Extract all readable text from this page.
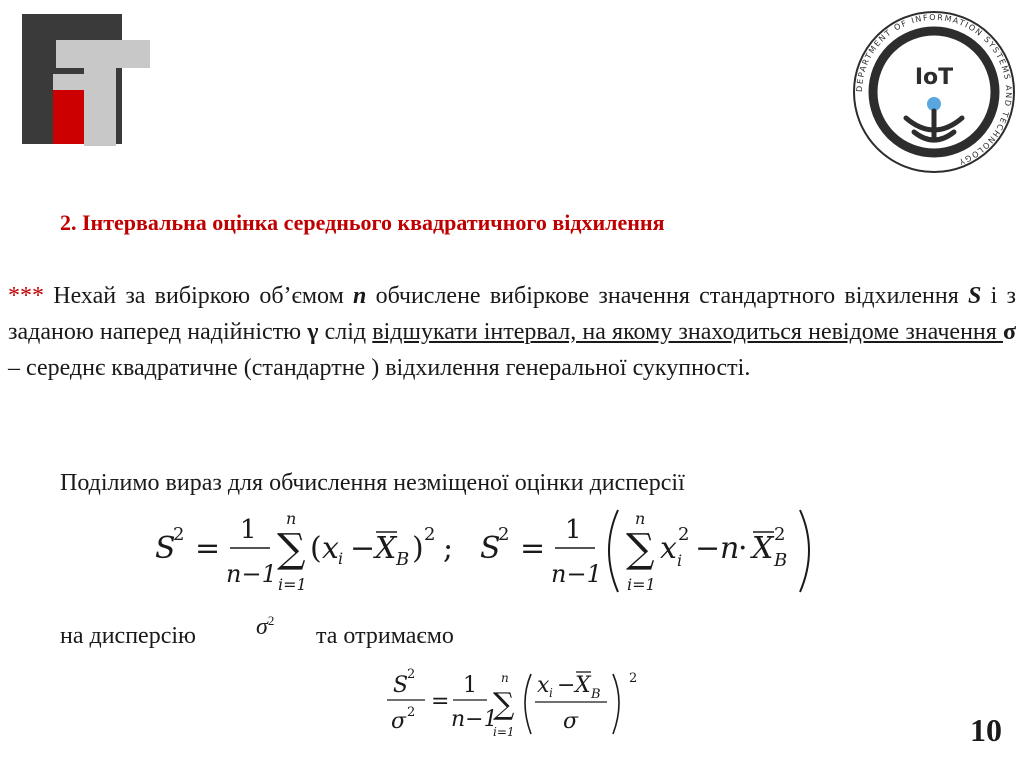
DEPARTMENT OF INFORMATION SYSTEMS AND TECHNOLOGY
IoT
2. Інтервальна оцінка середнього квадратичного відхилення
*** Нехай за вибіркою об’ємом n обчислене вибіркове значення стандартного відхилення S і з заданою наперед надійністю γ слід відшукати інтервал, на якому знаходиться невідоме значення σ – середнє квадратичне (стандартне ) відхилення генеральної сукупності.
Поділимо вираз для обчислення незміщеної оцінки дисперсії
S
2 =
1
n−1
∑
n
i=1
( x i − X B ) 2 ; S
2 =
1
n−1
∑
n
i=1
x 2
i − n
· X 2
B
на дисперсію	$\sigma^2$
та отримаємо
S
2
σ 2 =
1
n−1
∑
n
i=1
x i − X B
σ
2
10
